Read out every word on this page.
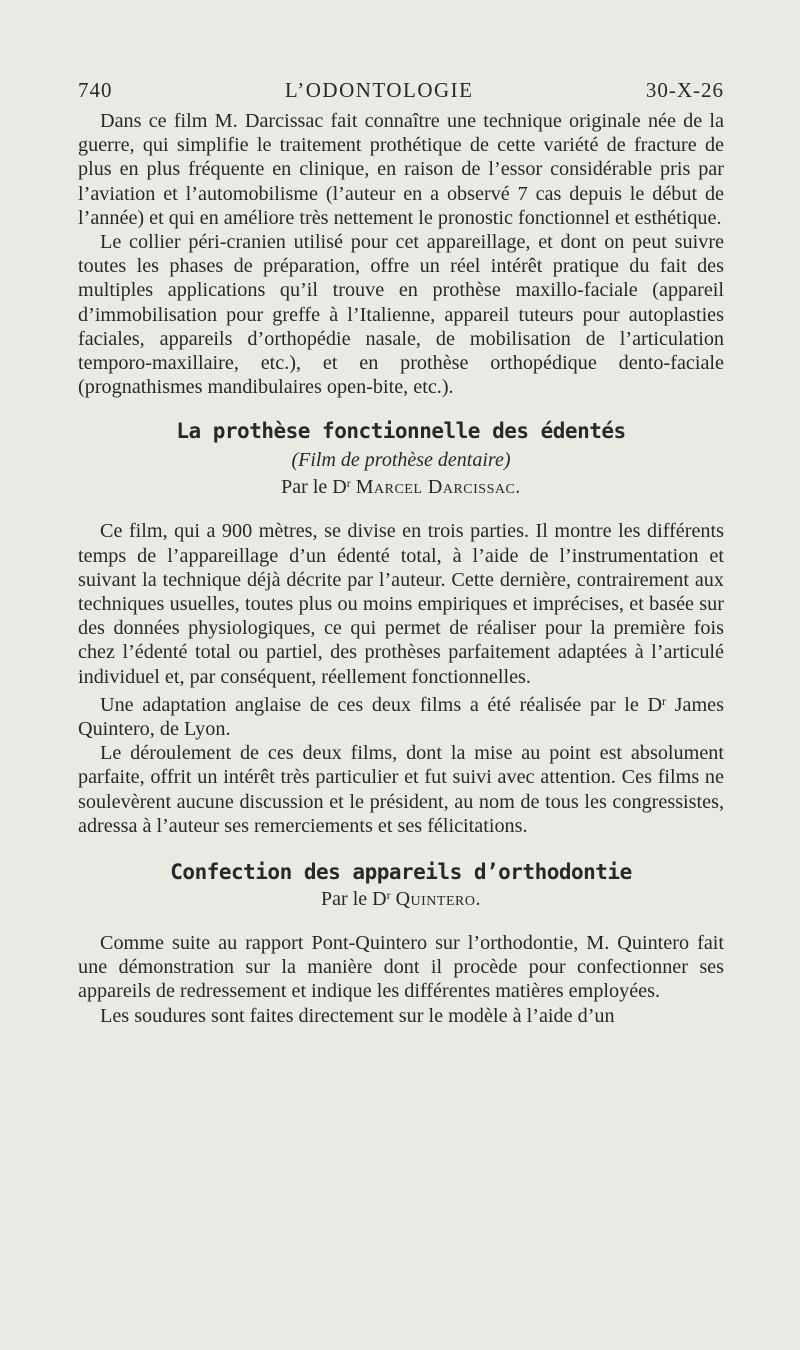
740	L’ODONTOLOGIE	30-X-26

Dans ce film M. Darcissac fait connaître une technique originale née de la guerre, qui simplifie le traitement prothétique de cette variété de fracture de plus en plus fréquente en clinique, en raison de l’essor considérable pris par l’aviation et l’automobilisme (l’auteur en a observé 7 cas depuis le début de l’année) et qui en améliore très nettement le pronostic fonctionnel et esthétique.

Le collier péri-cranien utilisé pour cet appareillage, et dont on peut suivre toutes les phases de préparation, offre un réel intérêt pratique du fait des multiples applications qu’il trouve en prothèse maxillo-faciale (appareil d’immobilisation pour greffe à l’Italienne, appareil tuteurs pour autoplasties faciales, appareils d’orthopédie nasale, de mobilisation de l’articulation temporo-maxillaire, etc.), et en prothèse orthopédique dento-faciale (prognathismes mandibulaires open-bite, etc.).

La prothèse fonctionnelle des édentés
(Film de prothèse dentaire)
Par le $D^r$ Marcel Darcissac.

Ce film, qui a 900 mètres, se divise en trois parties. Il montre les différents temps de l’appareillage d’un édenté total, à l’aide de l’instrumentation et suivant la technique déjà décrite par l’auteur. Cette dernière, contrairement aux techniques usuelles, toutes plus ou moins empiriques et imprécises, et basée sur des données physiologiques, ce qui permet de réaliser pour la première fois chez l’édenté total ou partiel, des prothèses parfaitement adaptées à l’articulé individuel et, par conséquent, réellement fonctionnelles.

Une adaptation anglaise de ces deux films a été réalisée par le $D^r$ James Quintero, de Lyon.

Le déroulement de ces deux films, dont la mise au point est absolument parfaite, offrit un intérêt très particulier et fut suivi avec attention. Ces films ne soulevèrent aucune discussion et le président, au nom de tous les congressistes, adressa à l’auteur ses remerciements et ses félicitations.

Confection des appareils d’orthodontie
Par le $D^r$ Quintero.

Comme suite au rapport Pont-Quintero sur l’orthodontie, M. Quintero fait une démonstration sur la manière dont il procède pour confectionner ses appareils de redressement et indique les différentes matières employées.

Les soudures sont faites directement sur le modèle à l’aide d’un
